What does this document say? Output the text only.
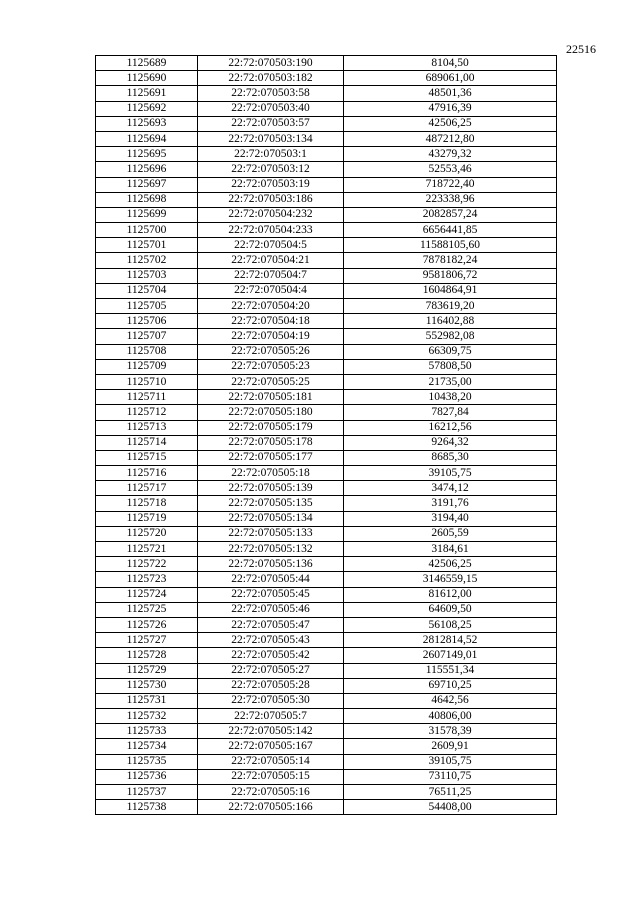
22516
1125689	22:72:070503:190	8104,50
1125690	22:72:070503:182	689061,00
1125691	22:72:070503:58	48501,36
1125692	22:72:070503:40	47916,39
1125693	22:72:070503:57	42506,25
1125694	22:72:070503:134	487212,80
1125695	22:72:070503:1	43279,32
1125696	22:72:070503:12	52553,46
1125697	22:72:070503:19	718722,40
1125698	22:72:070503:186	223338,96
1125699	22:72:070504:232	2082857,24
1125700	22:72:070504:233	6656441,85
1125701	22:72:070504:5	11588105,60
1125702	22:72:070504:21	7878182,24
1125703	22:72:070504:7	9581806,72
1125704	22:72:070504:4	1604864,91
1125705	22:72:070504:20	783619,20
1125706	22:72:070504:18	116402,88
1125707	22:72:070504:19	552982,08
1125708	22:72:070505:26	66309,75
1125709	22:72:070505:23	57808,50
1125710	22:72:070505:25	21735,00
1125711	22:72:070505:181	10438,20
1125712	22:72:070505:180	7827,84
1125713	22:72:070505:179	16212,56
1125714	22:72:070505:178	9264,32
1125715	22:72:070505:177	8685,30
1125716	22:72:070505:18	39105,75
1125717	22:72:070505:139	3474,12
1125718	22:72:070505:135	3191,76
1125719	22:72:070505:134	3194,40
1125720	22:72:070505:133	2605,59
1125721	22:72:070505:132	3184,61
1125722	22:72:070505:136	42506,25
1125723	22:72:070505:44	3146559,15
1125724	22:72:070505:45	81612,00
1125725	22:72:070505:46	64609,50
1125726	22:72:070505:47	56108,25
1125727	22:72:070505:43	2812814,52
1125728	22:72:070505:42	2607149,01
1125729	22:72:070505:27	115551,34
1125730	22:72:070505:28	69710,25
1125731	22:72:070505:30	4642,56
1125732	22:72:070505:7	40806,00
1125733	22:72:070505:142	31578,39
1125734	22:72:070505:167	2609,91
1125735	22:72:070505:14	39105,75
1125736	22:72:070505:15	73110,75
1125737	22:72:070505:16	76511,25
1125738	22:72:070505:166	54408,00
